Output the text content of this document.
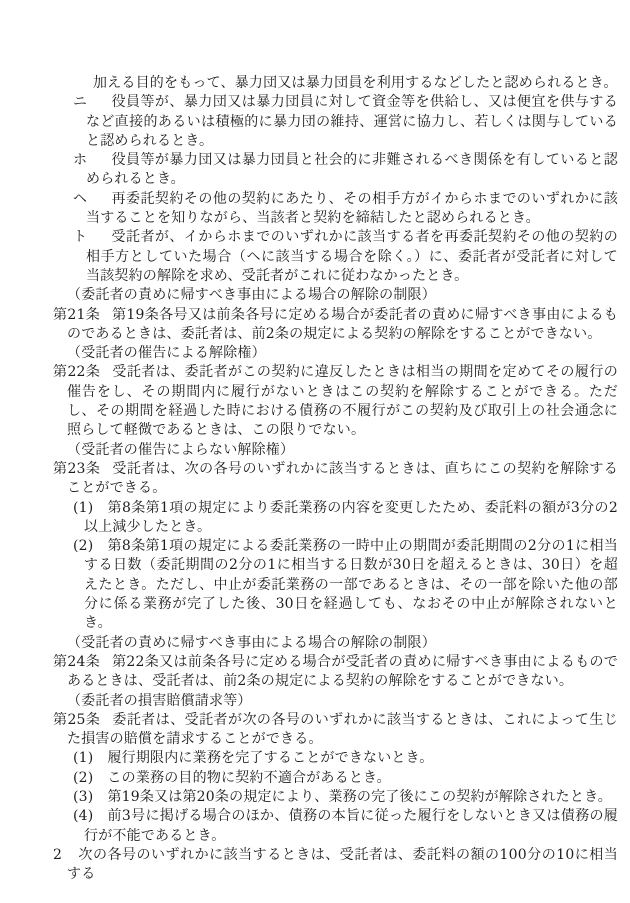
加える目的をもって、暴力団又は暴力団員を利用するなどしたと認められるとき。
ニ 役員等が、暴力団又は暴力団員に対して資金等を供給し、又は便宜を供与するなど直接的あるいは積極的に暴力団の維持、運営に協力し、若しくは関与していると認められるとき。
ホ 役員等が暴力団又は暴力団員と社会的に非難されるべき関係を有していると認められるとき。
ヘ 再委託契約その他の契約にあたり、その相手方がイからホまでのいずれかに該当することを知りながら、当該者と契約を締結したと認められるとき。
ト 受託者が、イからホまでのいずれかに該当する者を再委託契約その他の契約の相手方としていた場合（ヘに該当する場合を除く。）に、委託者が受託者に対して当該契約の解除を求め、受託者がこれに従わなかったとき。
（委託者の責めに帰すべき事由による場合の解除の制限）
第21条 第19条各号又は前条各号に定める場合が委託者の責めに帰すべき事由によるものであるときは、委託者は、前2条の規定による契約の解除をすることができない。
（受託者の催告による解除権）
第22条 受託者は、委託者がこの契約に違反したときは相当の期間を定めてその履行の催告をし、その期間内に履行がないときはこの契約を解除することができる。ただし、その期間を経過した時における債務の不履行がこの契約及び取引上の社会通念に照らして軽微であるときは、この限りでない。
（受託者の催告によらない解除権）
第23条 受託者は、次の各号のいずれかに該当するときは、直ちにこの契約を解除することができる。
(1) 第8条第1項の規定により委託業務の内容を変更したため、委託料の額が3分の2以上減少したとき。
(2) 第8条第1項の規定による委託業務の一時中止の期間が委託期間の2分の1に相当する日数（委託期間の2分の1に相当する日数が30日を超えるときは、30日）を超えたとき。ただし、中止が委託業務の一部であるときは、その一部を除いた他の部分に係る業務が完了した後、30日を経過しても、なおその中止が解除されないとき。
（受託者の責めに帰すべき事由による場合の解除の制限）
第24条 第22条又は前条各号に定める場合が受託者の責めに帰すべき事由によるものであるときは、受託者は、前2条の規定による契約の解除をすることができない。
（委託者の損害賠償請求等）
第25条 委託者は、受託者が次の各号のいずれかに該当するときは、これによって生じた損害の賠償を請求することができる。
(1) 履行期限内に業務を完了することができないとき。
(2) この業務の目的物に契約不適合があるとき。
(3) 第19条又は第20条の規定により、業務の完了後にこの契約が解除されたとき。
(4) 前3号に掲げる場合のほか、債務の本旨に従った履行をしないとき又は債務の履行が不能であるとき。
2 次の各号のいずれかに該当するときは、受託者は、委託料の額の100分の10に相当する
